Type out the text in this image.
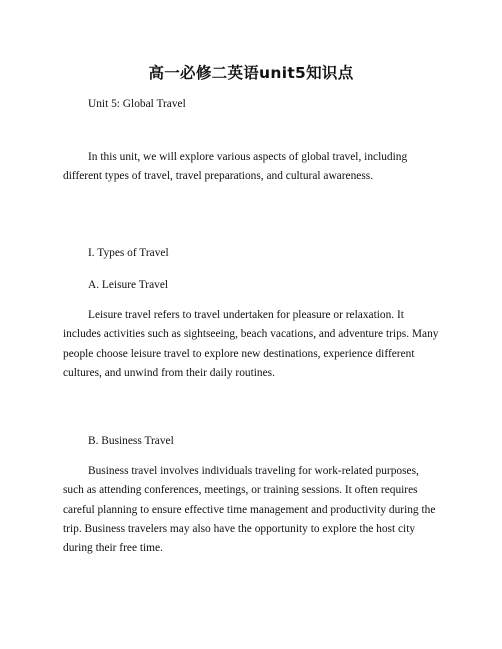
高一必修二英语unit5知识点

Unit 5: Global Travel

In this unit, we will explore various aspects of global travel, including different types of travel, travel preparations, and cultural awareness.

I. Types of Travel

A. Leisure Travel

Leisure travel refers to travel undertaken for pleasure or relaxation. It includes activities such as sightseeing, beach vacations, and adventure trips. Many people choose leisure travel to explore new destinations, experience different cultures, and unwind from their daily routines.

B. Business Travel

Business travel involves individuals traveling for work-related purposes, such as attending conferences, meetings, or training sessions. It often requires careful planning to ensure effective time management and productivity during the trip. Business travelers may also have the opportunity to explore the host city during their free time.
